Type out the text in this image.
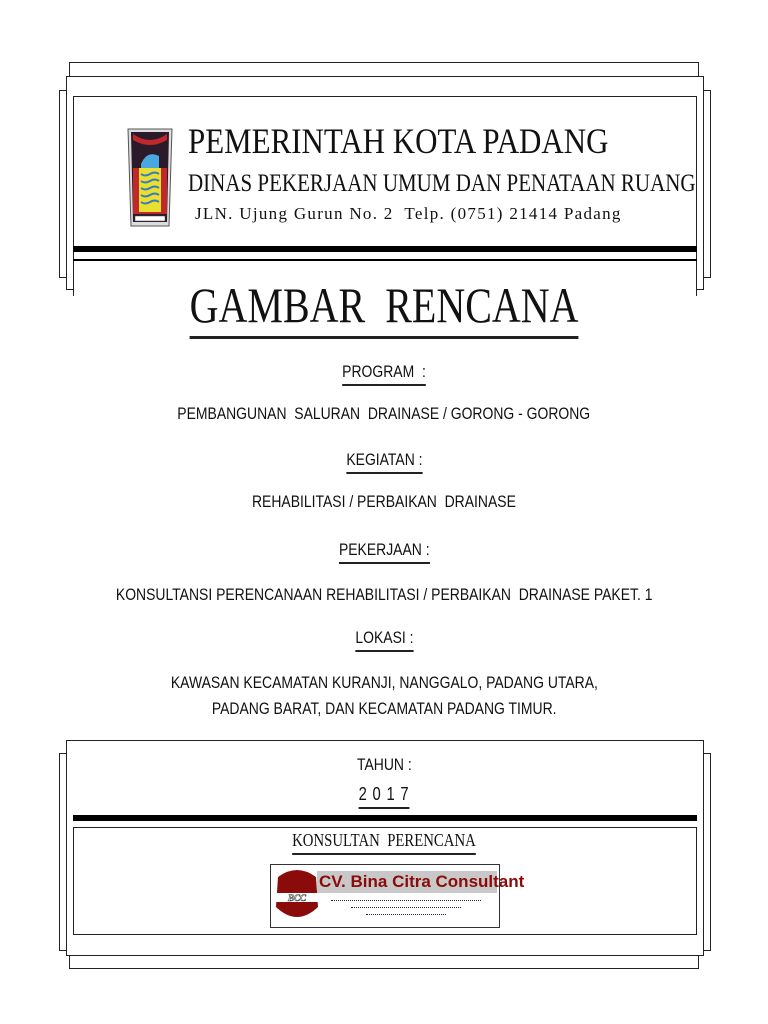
PEMERINTAH KOTA PADANG
DINAS PEKERJAAN UMUM DAN PENATAAN RUANG
JLN. Ujung Gurun No. 2  Telp. (0751) 21414 Padang
GAMBAR  RENCANA
PROGRAM  :
PEMBANGUNAN  SALURAN  DRAINASE / GORONG - GORONG
KEGIATAN :
REHABILITASI / PERBAIKAN  DRAINASE
PEKERJAAN :
KONSULTANSI PERENCANAAN REHABILITASI / PERBAIKAN  DRAINASE PAKET. 1
LOKASI :
KAWASAN KECAMATAN KURANJI, NANGGALO, PADANG UTARA,
PADANG BARAT, DAN KECAMATAN PADANG TIMUR.
TAHUN :
2 0 1 7
KONSULTAN  PERENCANA
BCC
CV. Bina Citra Consultant
